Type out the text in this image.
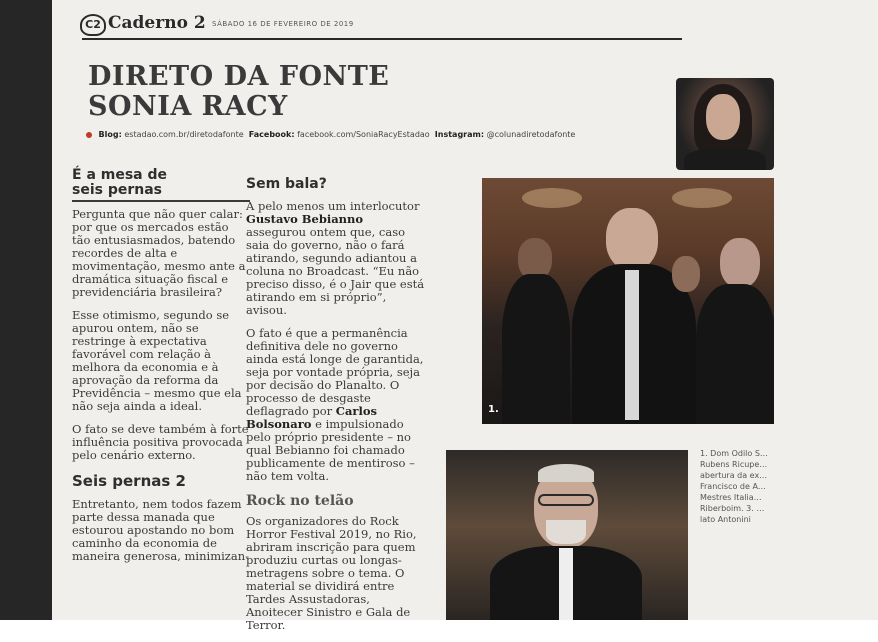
C2 Caderno 2 SÁBADO 16 DE FEVEREIRO DE 2019
DIRETO DA FONTE
SONIA RACY
Blog: estadao.com.br/diretodafonte Facebook: facebook.com/SoniaRacyEstadao Instagram: @colunadiretodafonte
É a mesa de seis pernas

Pergunta que não quer calar: por que os mercados estão tão entusiasmados, batendo recordes de alta e movimentação, mesmo ante a dramática situação fiscal e previdenciária brasileira?

Esse otimismo, segundo se apurou ontem, não se restringe à expectativa favorável com relação à melhora da economia e à aprovação da reforma da Previdência – mesmo que ela não seja ainda a ideal.

O fato se deve também à forte influência positiva provocada pelo cenário externo.

Seis pernas 2

Entretanto, nem todos fazem parte dessa manada que estourou apostando no bom caminho da economia de maneira generosa, minimizan-

Sem bala?

A pelo menos um interlocutor Gustavo Bebianno assegurou ontem que, caso saia do governo, não o fará atirando, segundo adiantou a coluna no Broadcast. “Eu não preciso disso, é o Jair que está atirando em si próprio”, avisou.

O fato é que a permanência definitiva dele no governo ainda está longe de garantida, seja por vontade própria, seja por decisão do Planalto. O processo de desgaste deflagrado por Carlos Bolsonaro e impulsionado pelo próprio presidente – no qual Bebianno foi chamado publicamente de mentiroso – não tem volta.

Rock no telão

Os organizadores do Rock Horror Festival 2019, no Rio, abriram inscrição para quem produziu curtas ou longas-metragens sobre o tema. O material se dividirá entre Tardes Assustadoras, Anoitecer Sinistro e Gala de Terror.

1.
1. Dom Odilo S… Rubens Ricupe… abertura da ex… Francisco de A… Mestres Italia… Riberboim. 3. … lato Antonini
